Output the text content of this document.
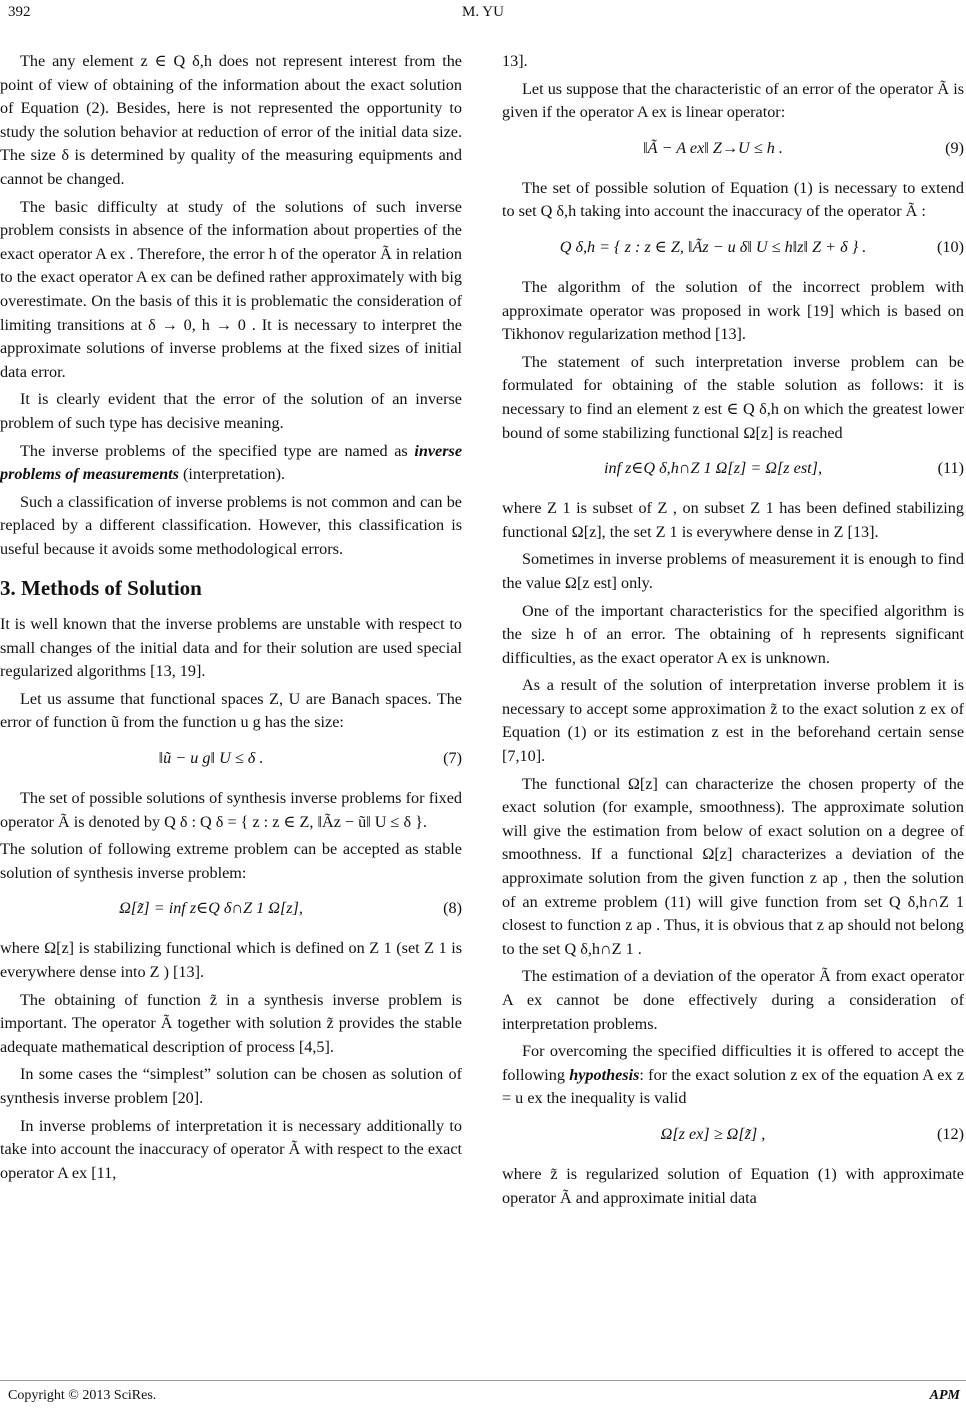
392	M. YU

The any element z ∈ Q δ,h does not represent interest from the point of view of obtaining of the information about the exact solution of Equation (2). Besides, here is not represented the opportunity to study the solution behavior at reduction of error of the initial data size. The size δ is determined by quality of the measuring equipments and cannot be changed.

The basic difficulty at study of the solutions of such inverse problem consists in absence of the information about properties of the exact operator A ex . Therefore, the error h of the operator Ã in relation to the exact operator A ex can be defined rather approximately with big overestimate. On the basis of this it is problematic the consideration of limiting transitions at δ → 0, h → 0 . It is necessary to interpret the approximate solutions of inverse problems at the fixed sizes of initial data error.

It is clearly evident that the error of the solution of an inverse problem of such type has decisive meaning.

The inverse problems of the specified type are named as inverse problems of measurements (interpretation).

Such a classification of inverse problems is not common and can be replaced by a different classification. However, this classification is useful because it avoids some methodological errors.

3. Methods of Solution

It is well known that the inverse problems are unstable with respect to small changes of the initial data and for their solution are used special regularized algorithms [13, 19].

Let us assume that functional spaces Z, U are Banach spaces. The error of function ũ from the function u g has the size:

‖ũ − u g‖ U ≤ δ .	(7)

The set of possible solutions of synthesis inverse problems for fixed operator Ã is denoted by Q δ : Q δ = { z : z ∈ Z, ‖Ãz − ũ‖ U ≤ δ }.

The solution of following extreme problem can be accepted as stable solution of synthesis inverse problem:

Ω[z̃] = inf z∈Q δ∩Z 1 Ω[z],	(8)

where Ω[z] is stabilizing functional which is defined on Z 1 (set Z 1 is everywhere dense into Z ) [13].

The obtaining of function z̃ in a synthesis inverse problem is important. The operator Ã together with solution z̃ provides the stable adequate mathematical description of process [4,5].

In some cases the “simplest” solution can be chosen as solution of synthesis inverse problem [20].

In inverse problems of interpretation it is necessary additionally to take into account the inaccuracy of operator Ã with respect to the exact operator A ex [11,

13].

Let us suppose that the characteristic of an error of the operator Ã is given if the operator A ex is linear operator:

‖Ã − A ex‖ Z→U ≤ h .	(9)

The set of possible solution of Equation (1) is necessary to extend to set Q δ,h taking into account the inaccuracy of the operator Ã :

Q δ,h = { z : z ∈ Z, ‖Ãz − u δ‖ U ≤ h‖z‖ Z + δ } .	(10)

The algorithm of the solution of the incorrect problem with approximate operator was proposed in work [19] which is based on Tikhonov regularization method [13].

The statement of such interpretation inverse problem can be formulated for obtaining of the stable solution as follows: it is necessary to find an element z est ∈ Q δ,h on which the greatest lower bound of some stabilizing functional Ω[z] is reached

inf z∈Q δ,h∩Z 1 Ω[z] = Ω[z est],	(11)

where Z 1 is subset of Z , on subset Z 1 has been defined stabilizing functional Ω[z], the set Z 1 is everywhere dense in Z [13].

Sometimes in inverse problems of measurement it is enough to find the value Ω[z est] only.

One of the important characteristics for the specified algorithm is the size h of an error. The obtaining of h represents significant difficulties, as the exact operator A ex is unknown.

As a result of the solution of interpretation inverse problem it is necessary to accept some approximation z̃ to the exact solution z ex of Equation (1) or its estimation z est in the beforehand certain sense [7,10].

The functional Ω[z] can characterize the chosen property of the exact solution (for example, smoothness). The approximate solution will give the estimation from below of exact solution on a degree of smoothness. If a functional Ω[z] characterizes a deviation of the approximate solution from the given function z ap , then the solution of an extreme problem (11) will give function from set Q δ,h∩Z 1 closest to function z ap . Thus, it is obvious that z ap should not belong to the set Q δ,h∩Z 1 .

The estimation of a deviation of the operator Ã from exact operator A ex cannot be done effectively during a consideration of interpretation problems.

For overcoming the specified difficulties it is offered to accept the following hypothesis: for the exact solution z ex of the equation A ex z = u ex the inequality is valid

Ω[z ex] ≥ Ω[z̃] ,	(12)

where z̃ is regularized solution of Equation (1) with approximate operator Ã and approximate initial data

Copyright © 2013 SciRes.	APM
